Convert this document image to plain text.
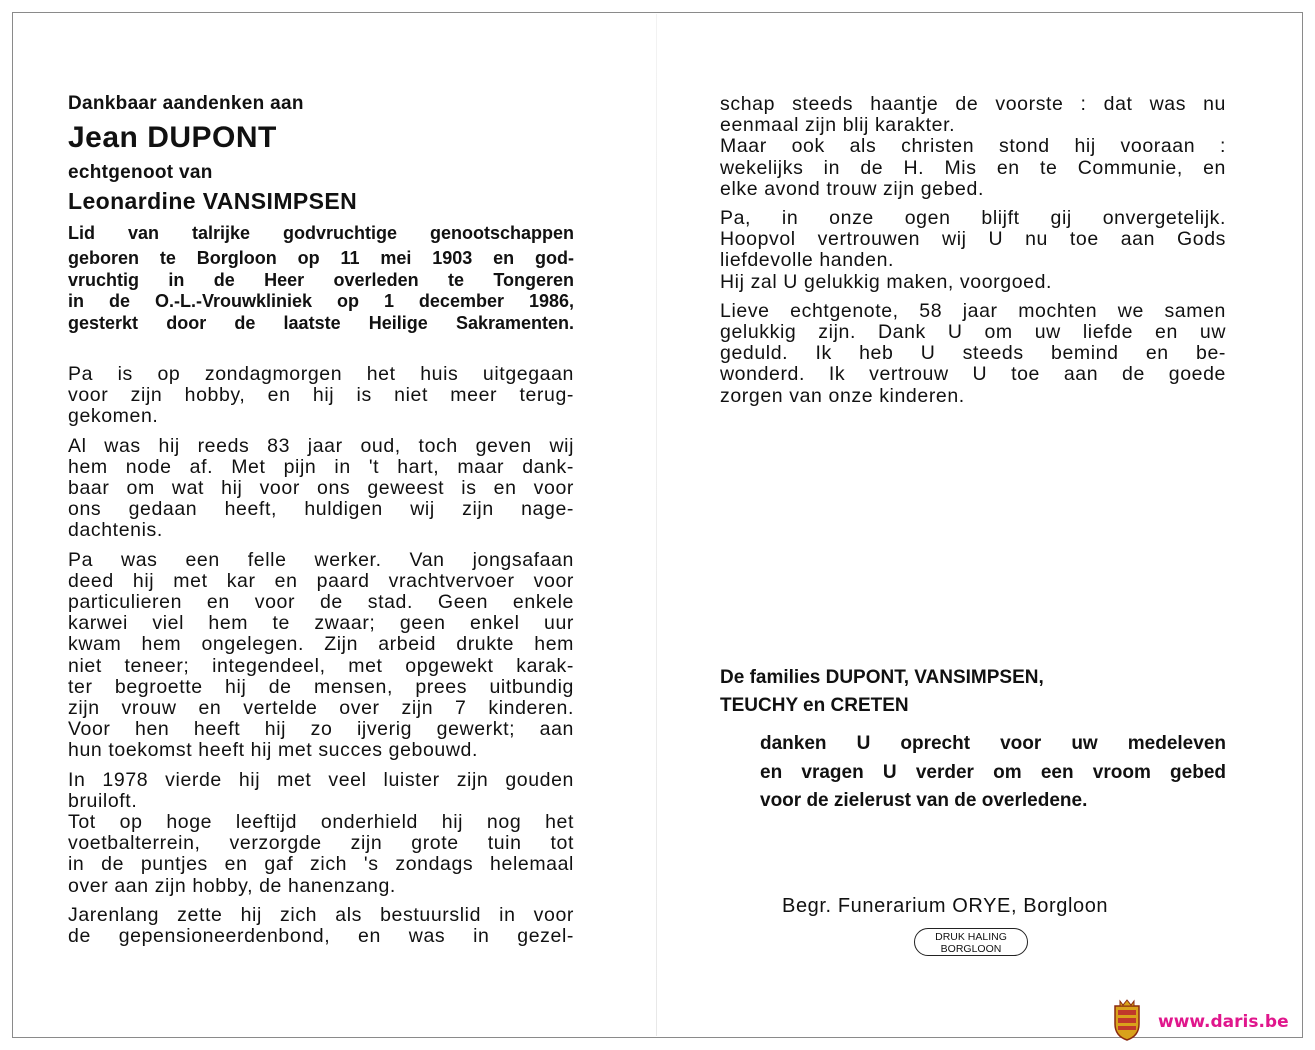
Dankbaar aandenken aan
Jean DUPONT
echtgenoot van
Leonardine VANSIMPSEN
Lid van talrijke godvruchtige genootschappen
geboren te Borgloon op 11 mei 1903 en god-
vruchtig in de Heer overleden te Tongeren
in de O.-L.-Vrouwkliniek op 1 december 1986,
gesterkt door de laatste Heilige Sakramenten.
Pa is op zondagmorgen het huis uitgegaan
voor zijn hobby, en hij is niet meer terug-
gekomen.
Al was hij reeds 83 jaar oud, toch geven wij
hem node af. Met pijn in 't hart, maar dank-
baar om wat hij voor ons geweest is en voor
ons gedaan heeft, huldigen wij zijn nage-
dachtenis.
Pa was een felle werker. Van jongsafaan
deed hij met kar en paard vrachtvervoer voor
particulieren en voor de stad. Geen enkele
karwei viel hem te zwaar; geen enkel uur
kwam hem ongelegen. Zijn arbeid drukte hem
niet teneer; integendeel, met opgewekt karak-
ter begroette hij de mensen, prees uitbundig
zijn vrouw en vertelde over zijn 7 kinderen.
Voor hen heeft hij zo ijverig gewerkt; aan
hun toekomst heeft hij met succes gebouwd.
In 1978 vierde hij met veel luister zijn gouden
bruiloft.
Tot op hoge leeftijd onderhield hij nog het
voetbalterrein, verzorgde zijn grote tuin tot
in de puntjes en gaf zich 's zondags helemaal
over aan zijn hobby, de hanenzang.
Jarenlang zette hij zich als bestuurslid in voor
de gepensioneerdenbond, en was in gezel-
schap steeds haantje de voorste : dat was nu
eenmaal zijn blij karakter.
Maar ook als christen stond hij vooraan :
wekelijks in de H. Mis en te Communie, en
elke avond trouw zijn gebed.
Pa, in onze ogen blijft gij onvergetelijk.
Hoopvol vertrouwen wij U nu toe aan Gods
liefdevolle handen.
Hij zal U gelukkig maken, voorgoed.
Lieve echtgenote, 58 jaar mochten we samen
gelukkig zijn. Dank U om uw liefde en uw
geduld. Ik heb U steeds bemind en be-
wonderd. Ik vertrouw U toe aan de goede
zorgen van onze kinderen.
De families DUPONT, VANSIMPSEN,
TEUCHY en CRETEN
danken U oprecht voor uw medeleven
en vragen U verder om een vroom gebed
voor de zielerust van de overledene.
Begr. Funerarium ORYE, Borgloon
DRUK HALING
BORGLOON
www.daris.be
